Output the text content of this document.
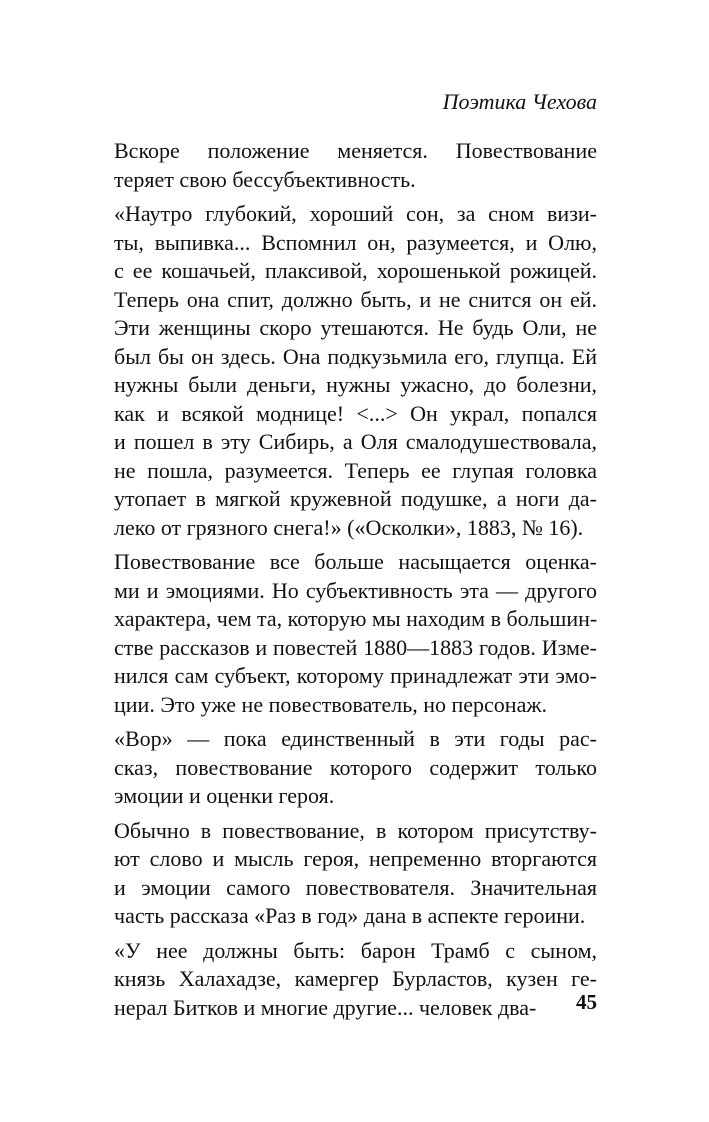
Поэтика Чехова
Вскоре положение меняется. Повествование
теряет свою бессубъективность.
«Наутро глубокий, хороший сон, за сном визи-
ты, выпивка... Вспомнил он, разумеется, и Олю,
с ее кошачьей, плаксивой, хорошенькой рожицей.
Теперь она спит, должно быть, и не снится он ей.
Эти женщины скоро утешаются. Не будь Оли, не
был бы он здесь. Она подкузьмила его, глупца. Ей
нужны были деньги, нужны ужасно, до болезни,
как и всякой моднице! <...> Он украл, попался
и пошел в эту Сибирь, а Оля смалодушествовала,
не пошла, разумеется. Теперь ее глупая головка
утопает в мягкой кружевной подушке, а ноги да-
леко от грязного снега!» («Осколки», 1883, № 16).
Повествование все больше насыщается оценка-
ми и эмоциями. Но субъективность эта — другого
характера, чем та, которую мы находим в большин-
стве рассказов и повестей 1880—1883 годов. Изме-
нился сам субъект, которому принадлежат эти эмо-
ции. Это уже не повествователь, но персонаж.
«Вор» — пока единственный в эти годы рас-
сказ, повествование которого содержит только
эмоции и оценки героя.
Обычно в повествование, в котором присутству-
ют слово и мысль героя, непременно вторгаются
и эмоции самого повествователя. Значительная
часть рассказа «Раз в год» дана в аспекте героини.
«У нее должны быть: барон Трамб с сыном,
князь Халахадзе, камергер Бурластов, кузен ге-
нерал Битков и многие другие... человек два-	45
